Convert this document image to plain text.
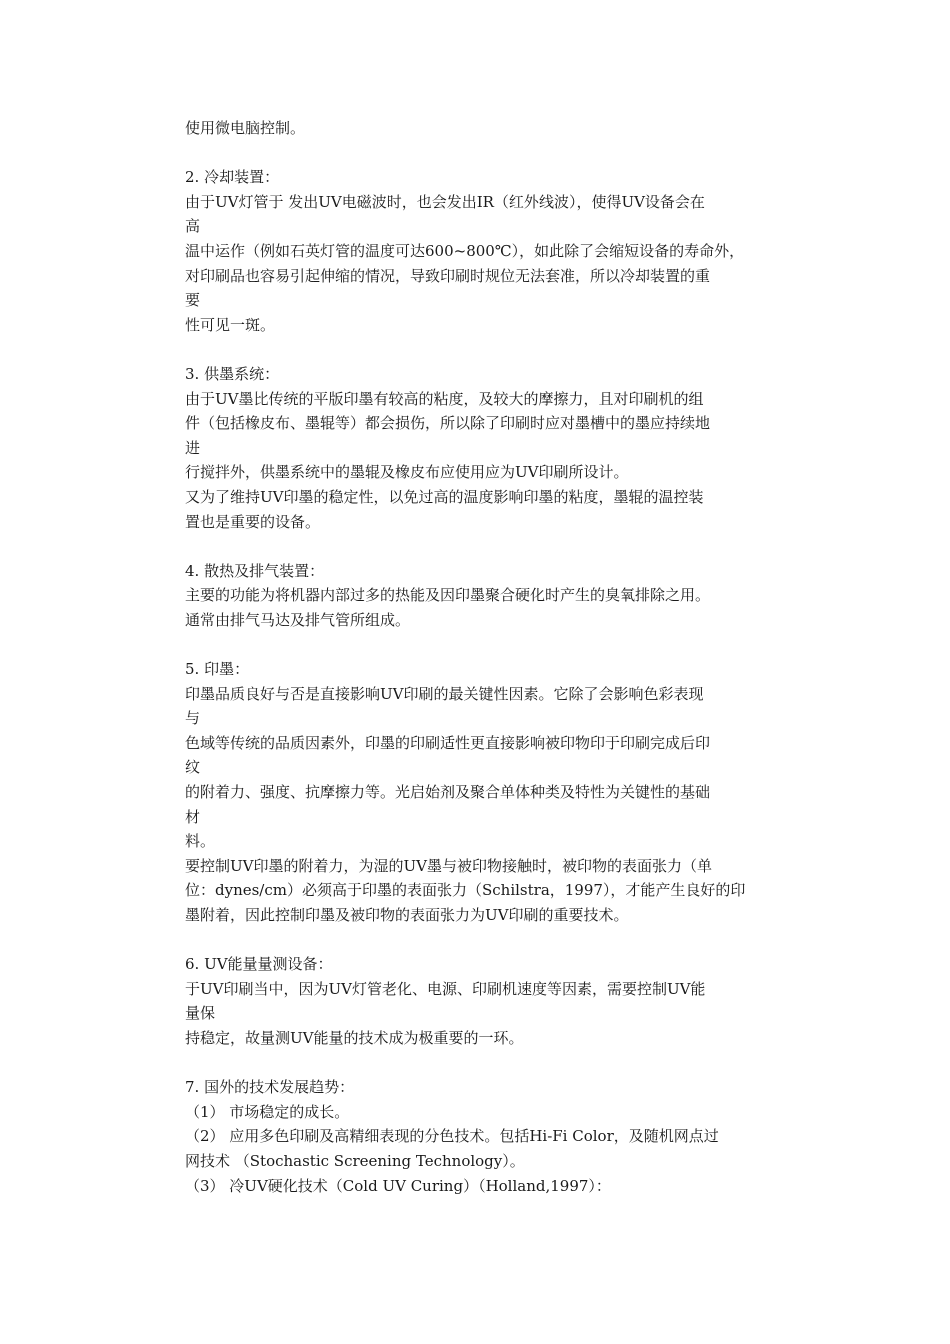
使用微电脑控制。
2. 冷却装置：
由于UV灯管于 发出UV电磁波时，也会发出IR（红外线波），使得UV设备会在
高
温中运作（例如石英灯管的温度可达600~800℃），如此除了会缩短设备的寿命外，
对印刷品也容易引起伸缩的情况，导致印刷时规位无法套准，所以冷却装置的重
要
性可见一斑。
3. 供墨系统：
由于UV墨比传统的平版印墨有较高的粘度，及较大的摩擦力，且对印刷机的组
件（包括橡皮布、墨辊等）都会损伤，所以除了印刷时应对墨槽中的墨应持续地
进
行搅拌外，供墨系统中的墨辊及橡皮布应使用应为UV印刷所设计。
又为了维持UV印墨的稳定性，以免过高的温度影响印墨的粘度，墨辊的温控装
置也是重要的设备。
4. 散热及排气装置：
主要的功能为将机器内部过多的热能及因印墨聚合硬化时产生的臭氧排除之用。
通常由排气马达及排气管所组成。
5. 印墨：
印墨品质良好与否是直接影响UV印刷的最关键性因素。它除了会影响色彩表现
与
色域等传统的品质因素外，印墨的印刷适性更直接影响被印物印于印刷完成后印
纹
的附着力、强度、抗摩擦力等。光启始剂及聚合单体种类及特性为关键性的基础
材
料。
要控制UV印墨的附着力，为湿的UV墨与被印物接触时，被印物的表面张力（单
位：dynes/cm）必须高于印墨的表面张力（Schilstra，1997），才能产生良好的印
墨附着，因此控制印墨及被印物的表面张力为UV印刷的重要技术。
6. UV能量量测设备：
于UV印刷当中，因为UV灯管老化、电源、印刷机速度等因素，需要控制UV能
量保
持稳定，故量测UV能量的技术成为极重要的一环。
7. 国外的技术发展趋势：
（1） 市场稳定的成长。
（2） 应用多色印刷及高精细表现的分色技术。包括Hi-Fi Color，及随机网点过
网技术 （Stochastic Screening Technology）。
（3） 冷UV硬化技术（Cold UV Curing）（Holland,1997）：
